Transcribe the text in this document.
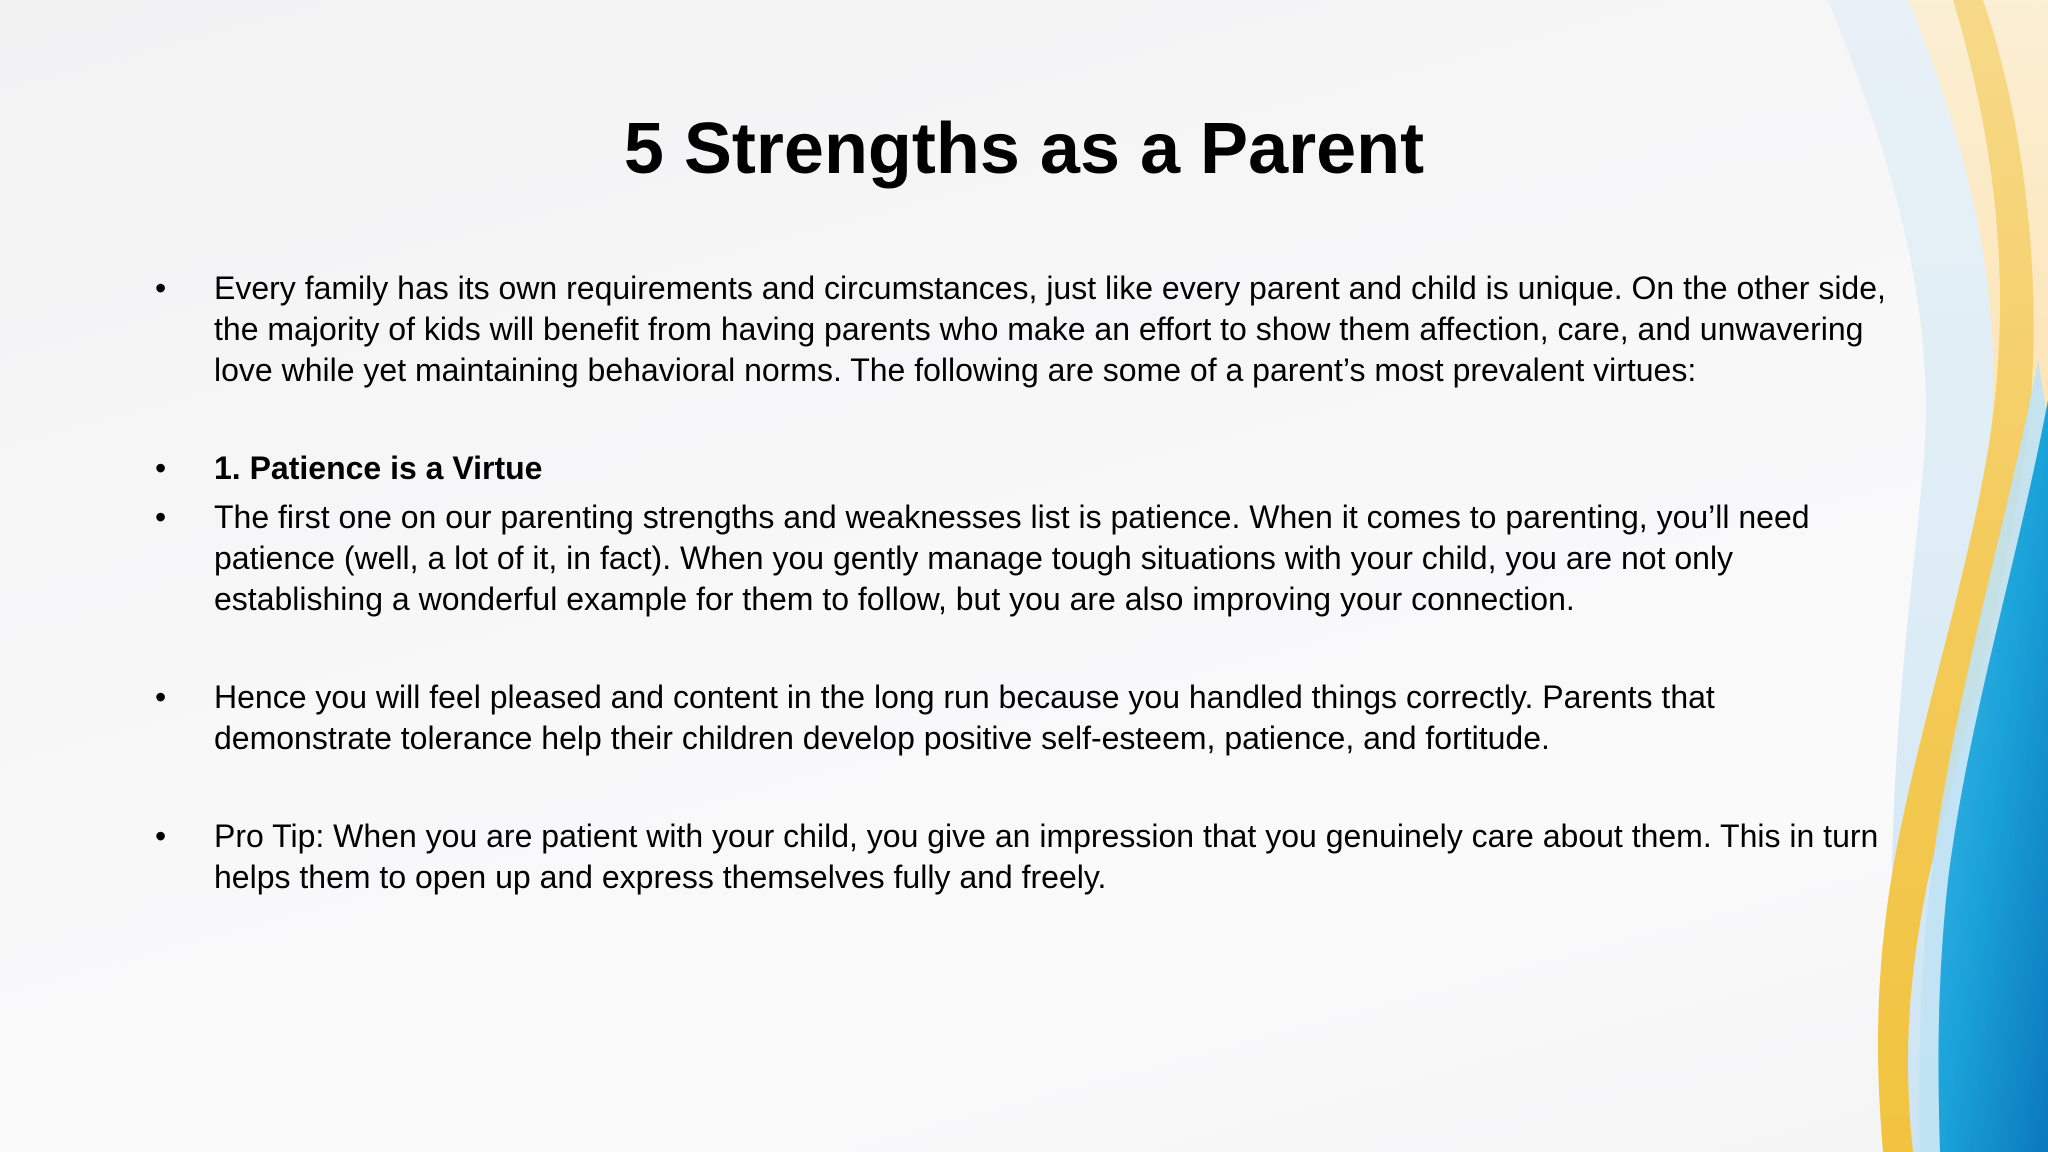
5 Strengths as a Parent
• Every family has its own requirements and circumstances, just like every parent and child is unique. On the other side, the majority of kids will benefit from having parents who make an effort to show them affection, care, and unwavering love while yet maintaining behavioral norms. The following are some of a parent’s most prevalent virtues:
• 1. Patience is a Virtue
• The first one on our parenting strengths and weaknesses list is patience. When it comes to parenting, you’ll need patience (well, a lot of it, in fact). When you gently manage tough situations with your child, you are not only establishing a wonderful example for them to follow, but you are also improving your connection.
• Hence you will feel pleased and content in the long run because you handled things correctly. Parents that demonstrate tolerance help their children develop positive self-esteem, patience, and fortitude.
• Pro Tip: When you are patient with your child, you give an impression that you genuinely care about them. This in turn helps them to open up and express themselves fully and freely.
